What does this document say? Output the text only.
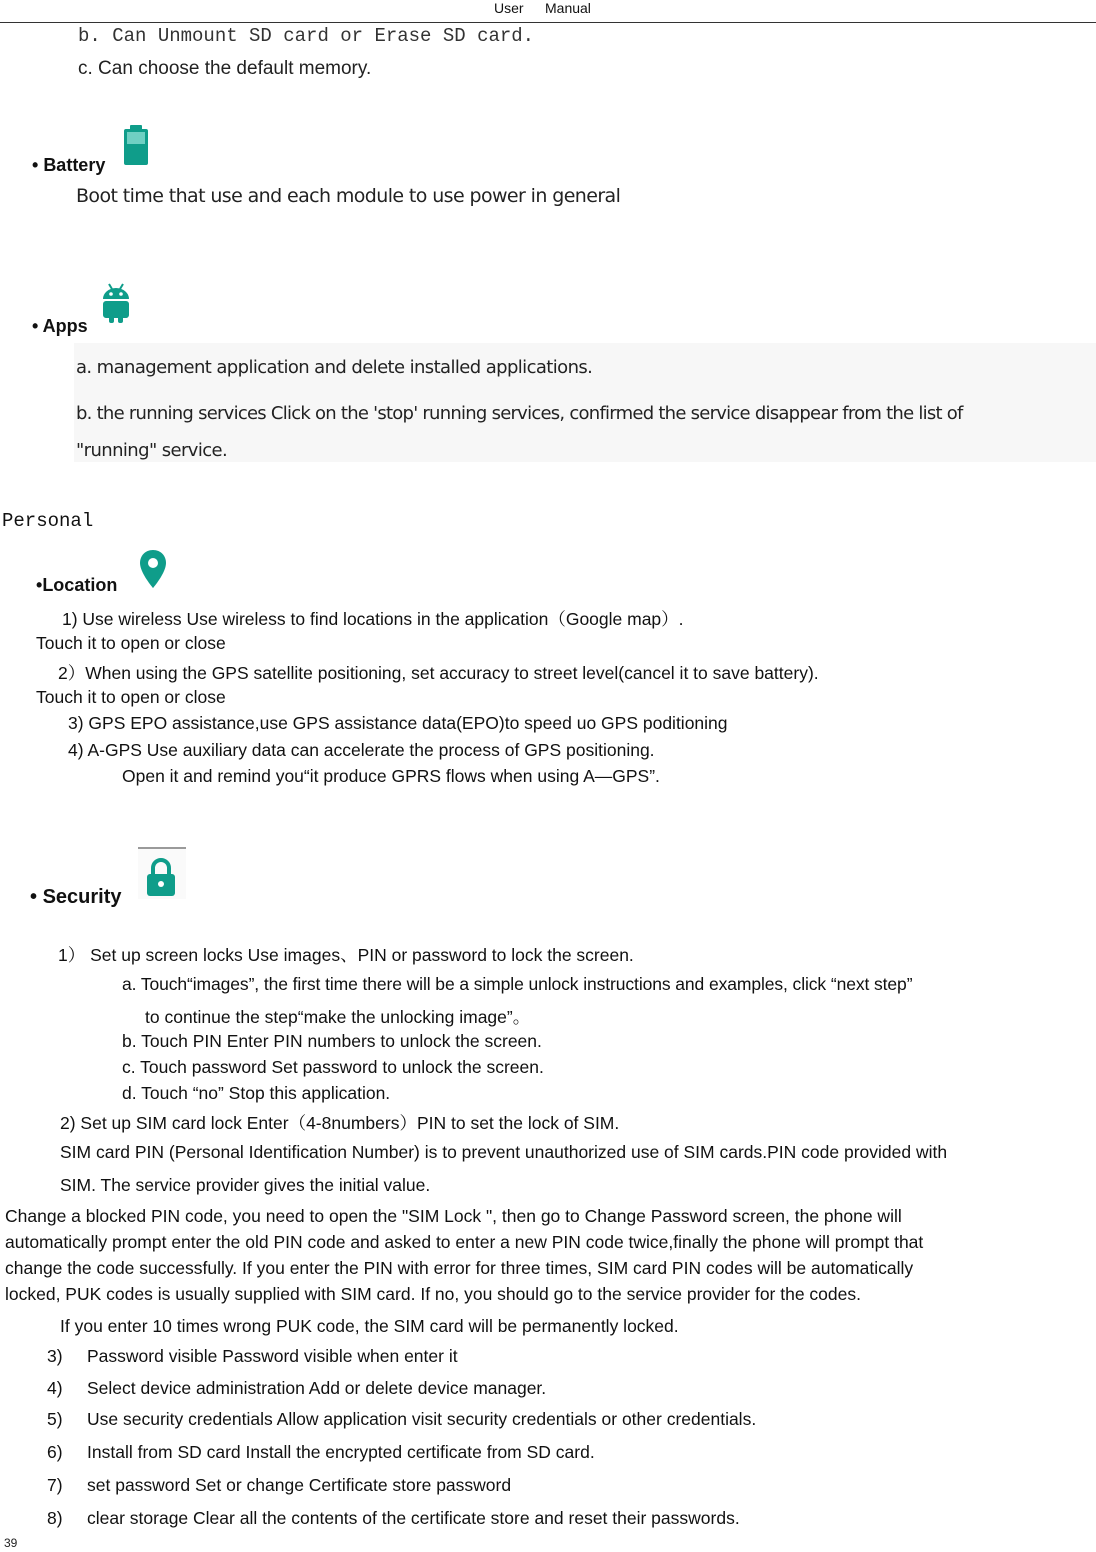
User Manual
b. Can Unmount SD card or Erase SD card.
c. Can choose the default memory.
• Battery
Boot time that use and each module to use power in general
• Apps
a. management application and delete installed applications.
b. the running services Click on the 'stop' running services, confirmed the service disappear from the list of
"running" service.
Personal
•Location
1) Use wireless Use wireless to find locations in the application（Google map）.
Touch it to open or close
2）When using the GPS satellite positioning, set accuracy to street level(cancel it to save battery).
Touch it to open or close
3) GPS EPO assistance,use GPS assistance data(EPO)to speed uo GPS poditioning
4) A-GPS Use auxiliary data can accelerate the process of GPS positioning.
Open it and remind you“it produce GPRS flows when using A—GPS”.
• Security
1） Set up screen locks Use images、PIN or password to lock the screen.
a. Touch“images”, the first time there will be a simple unlock instructions and examples, click “next step”
to continue the step“make the unlocking image”。
b. Touch PIN Enter PIN numbers to unlock the screen.
c. Touch password Set password to unlock the screen.
d. Touch “no” Stop this application.
2) Set up SIM card lock Enter（4-8numbers）PIN to set the lock of SIM.
SIM card PIN (Personal Identification Number) is to prevent unauthorized use of SIM cards.PIN code provided with
SIM. The service provider gives the initial value.

Change a blocked PIN code, you need to open the "SIM Lock ", then go to Change Password screen, the phone will

automatically prompt enter the old PIN code and asked to enter a new PIN code twice,finally the phone will prompt that

change the code successfully. If you enter the PIN with error for three times, SIM card PIN codes will be automatically

locked, PUK codes is usually supplied with SIM card. If no, you should go to the service provider for the codes.

If you enter 10 times wrong PUK code, the SIM card will be permanently locked.
3) Password visible Password visible when enter it
4) Select device administration Add or delete device manager.
5) Use security credentials Allow application visit security credentials or other credentials.
6) Install from SD card Install the encrypted certificate from SD card.
7) set password Set or change Certificate store password
8) clear storage Clear all the contents of the certificate store and reset their passwords.
39
